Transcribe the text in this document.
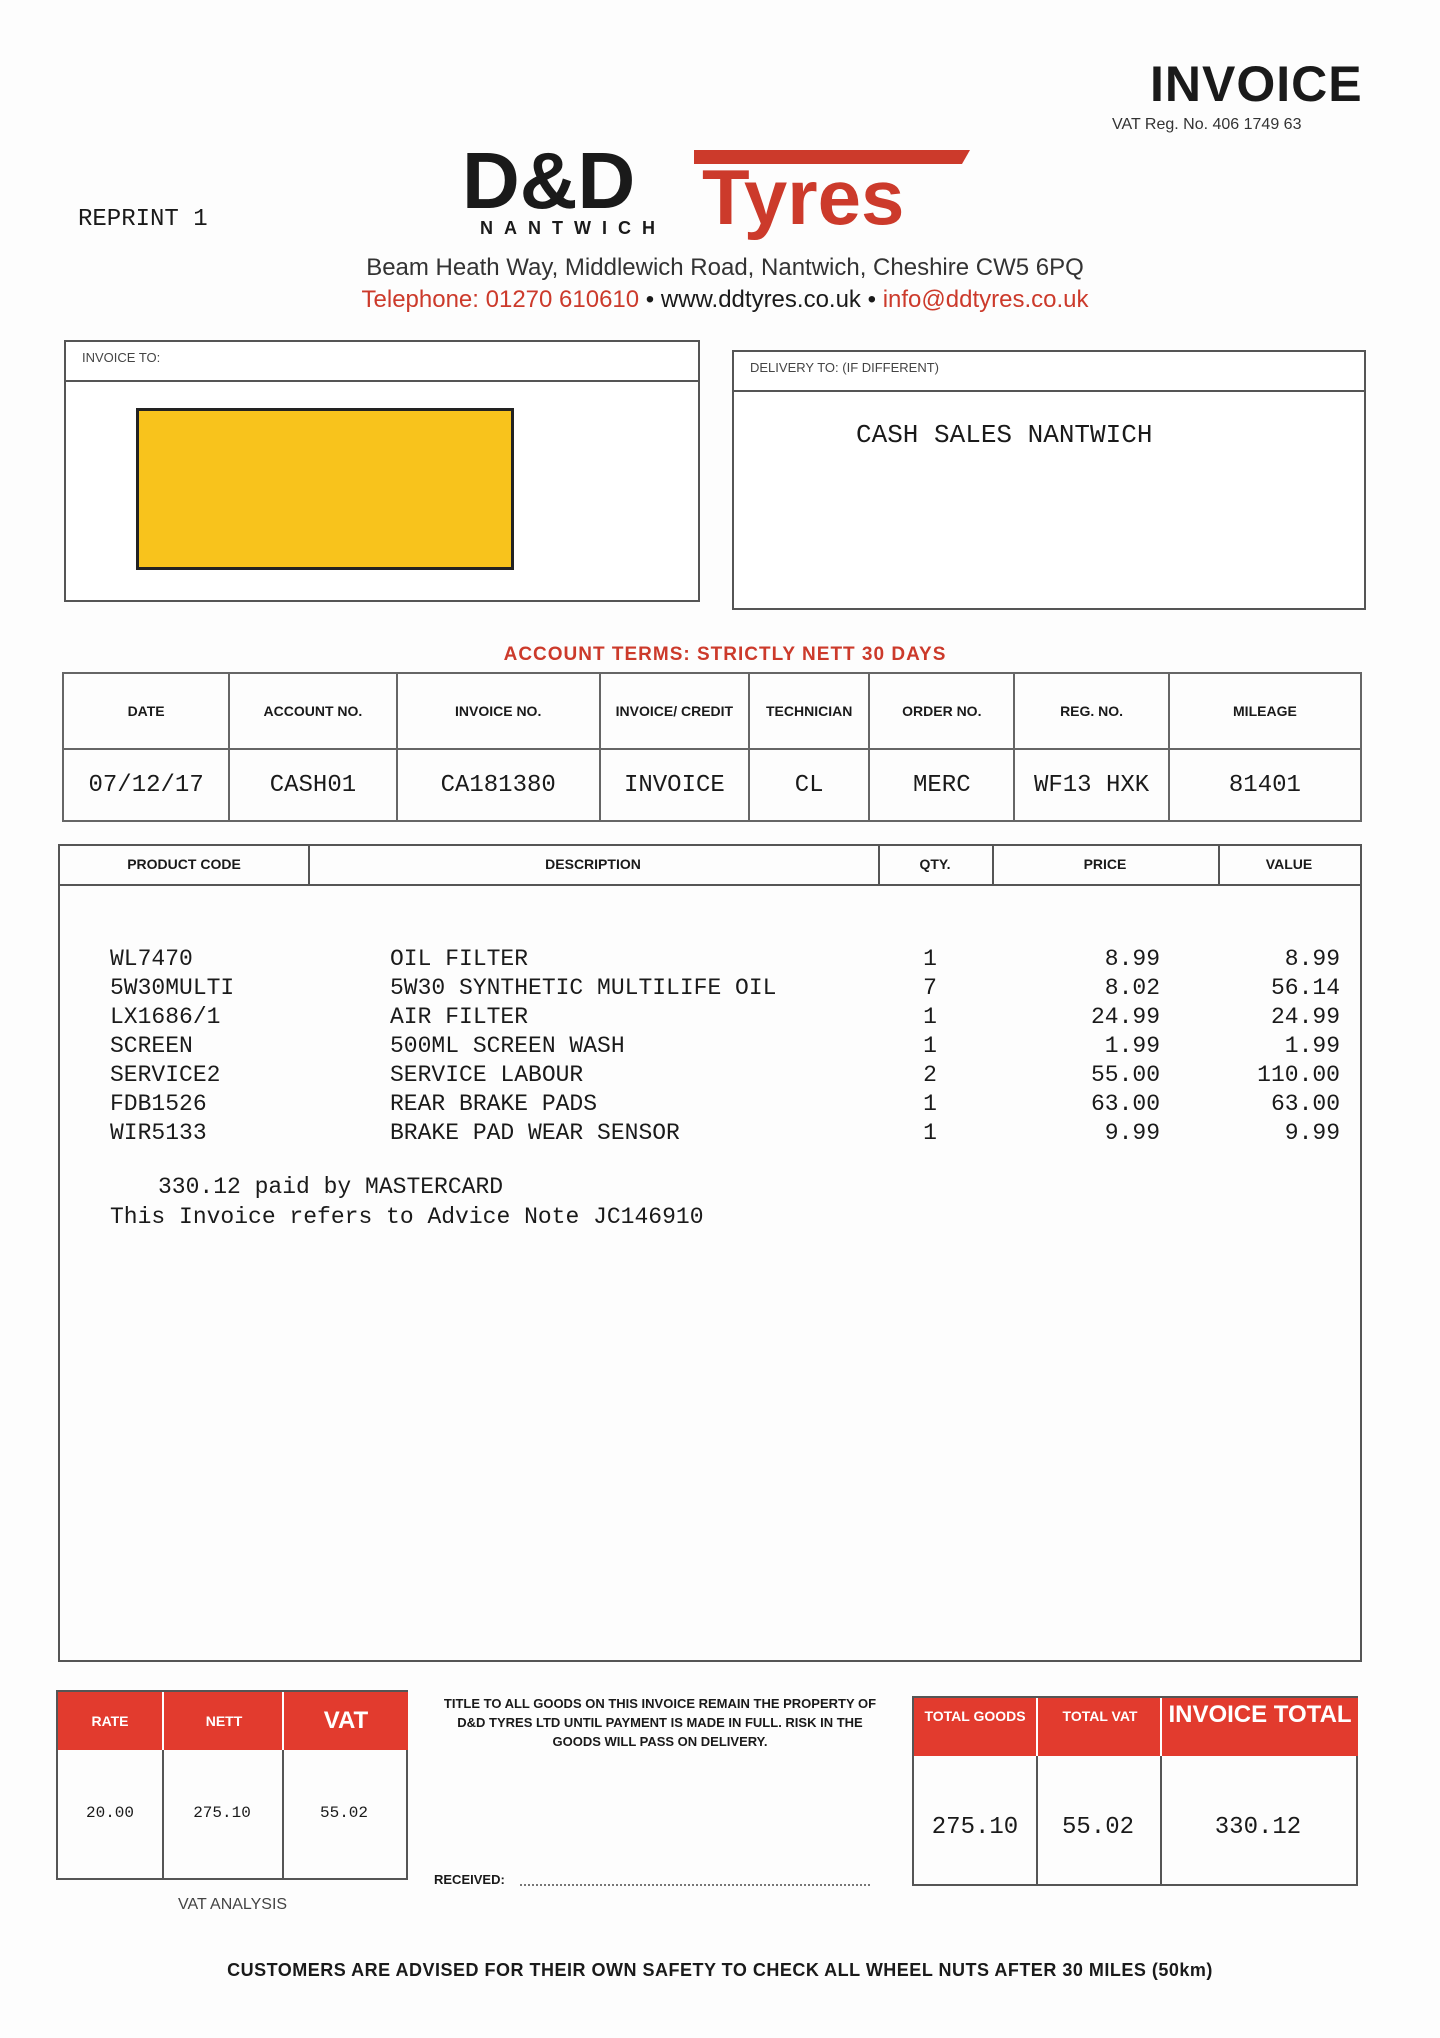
INVOICE
VAT Reg. No. 406 1749 63
REPRINT 1	D&D Tyres
NANTWICH
Beam Heath Way, Middlewich Road, Nantwich, Cheshire CW5 6PQ
Telephone: 01270 610610 • www.ddtyres.co.uk • info@ddtyres.co.uk
INVOICE TO:
DELIVERY TO: (IF DIFFERENT)
CASH SALES NANTWICH
ACCOUNT TERMS: STRICTLY NETT 30 DAYS
DATE	ACCOUNT NO.	INVOICE NO.	INVOICE/ CREDIT	TECHNICIAN	ORDER NO.	REG. NO.	MILEAGE
07/12/17	CASH01	CA181380	INVOICE	CL	MERC	WF13 HXK	81401
PRODUCT CODE	DESCRIPTION	QTY.	PRICE	VALUE
WL7470	OIL FILTER	1	8.99	8.99
5W30MULTI	5W30 SYNTHETIC MULTILIFE OIL	7	8.02	56.14
LX1686/1	AIR FILTER	1	24.99	24.99
SCREEN	500ML SCREEN WASH	1	1.99	1.99
SERVICE2	SERVICE LABOUR	2	55.00	110.00
FDB1526	REAR BRAKE PADS	1	63.00	63.00
WIR5133	BRAKE PAD WEAR SENSOR	1	9.99	9.99
330.12 paid by MASTERCARD
This Invoice refers to Advice Note JC146910
RATE	NETT	VAT
20.00	275.10	55.02
VAT ANALYSIS
TITLE TO ALL GOODS ON THIS INVOICE REMAIN THE PROPERTY OF D&D TYRES LTD UNTIL PAYMENT IS MADE IN FULL. RISK IN THE GOODS WILL PASS ON DELIVERY.
RECEIVED:
TOTAL GOODS	TOTAL VAT	INVOICE TOTAL
275.10	55.02	330.12
CUSTOMERS ARE ADVISED FOR THEIR OWN SAFETY TO CHECK ALL WHEEL NUTS AFTER 30 MILES (50km)
